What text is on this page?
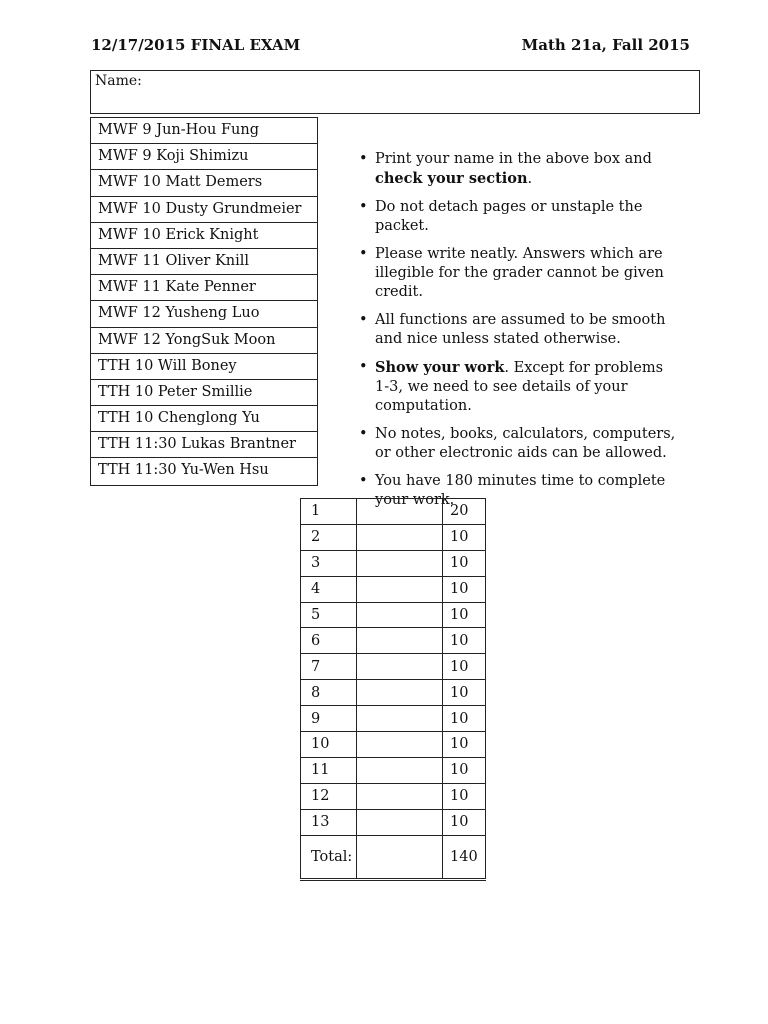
12/17/2015 FINAL EXAM	Math 21a, Fall 2015
Name:
MWF 9 Jun-Hou Fung
MWF 9 Koji Shimizu
MWF 10 Matt Demers
MWF 10 Dusty Grundmeier
MWF 10 Erick Knight
MWF 11 Oliver Knill
MWF 11 Kate Penner
MWF 12 Yusheng Luo
MWF 12 YongSuk Moon
TTH 10 Will Boney
TTH 10 Peter Smillie
TTH 10 Chenglong Yu
TTH 11:30 Lukas Brantner
TTH 11:30 Yu-Wen Hsu
• Print your name in the above box and check your section.
• Do not detach pages or unstaple the packet.
• Please write neatly. Answers which are illegible for the grader cannot be given credit.
• All functions are assumed to be smooth and nice unless stated otherwise.
• Show your work. Except for problems 1-3, we need to see details of your computation.
• No notes, books, calculators, computers, or other electronic aids can be allowed.
• You have 180 minutes time to complete your work.
1		20
2		10
3		10
4		10
5		10
6		10
7		10
8		10
9		10
10		10
11		10
12		10
13		10
Total:		140
